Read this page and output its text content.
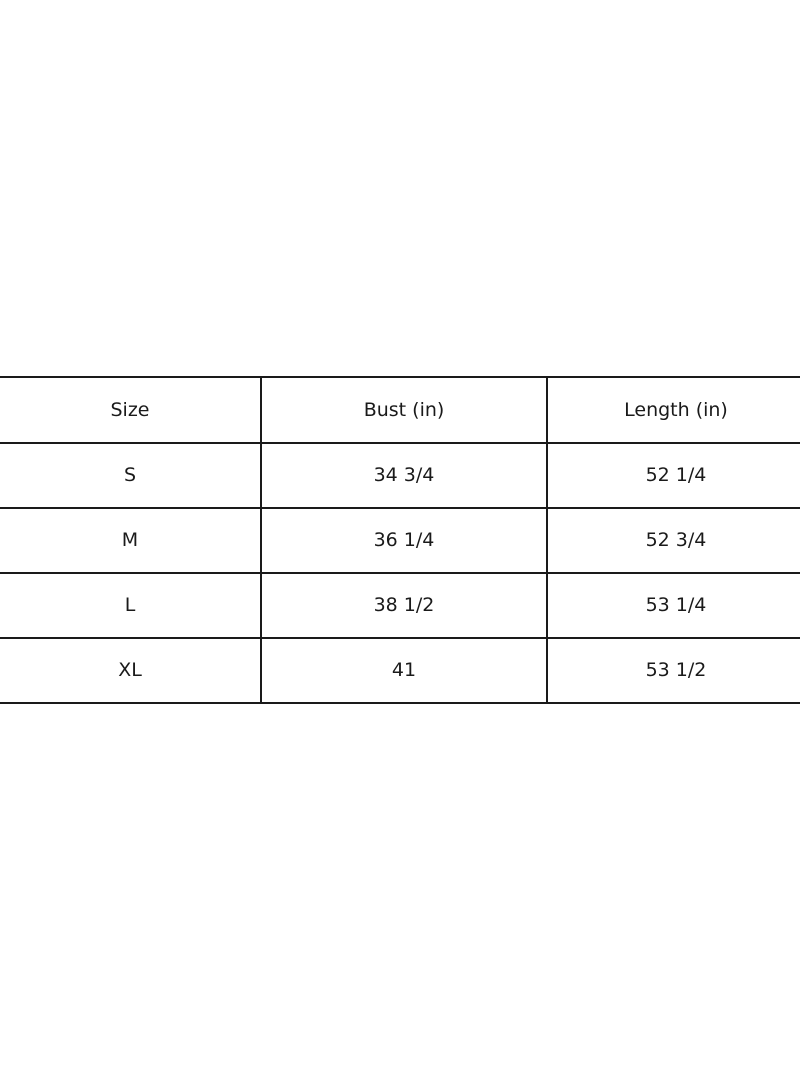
Size	Bust (in)	Length (in)
S	34 3/4	52 1/4
M	36 1/4	52 3/4
L	38 1/2	53 1/4
XL	41	53 1/2
